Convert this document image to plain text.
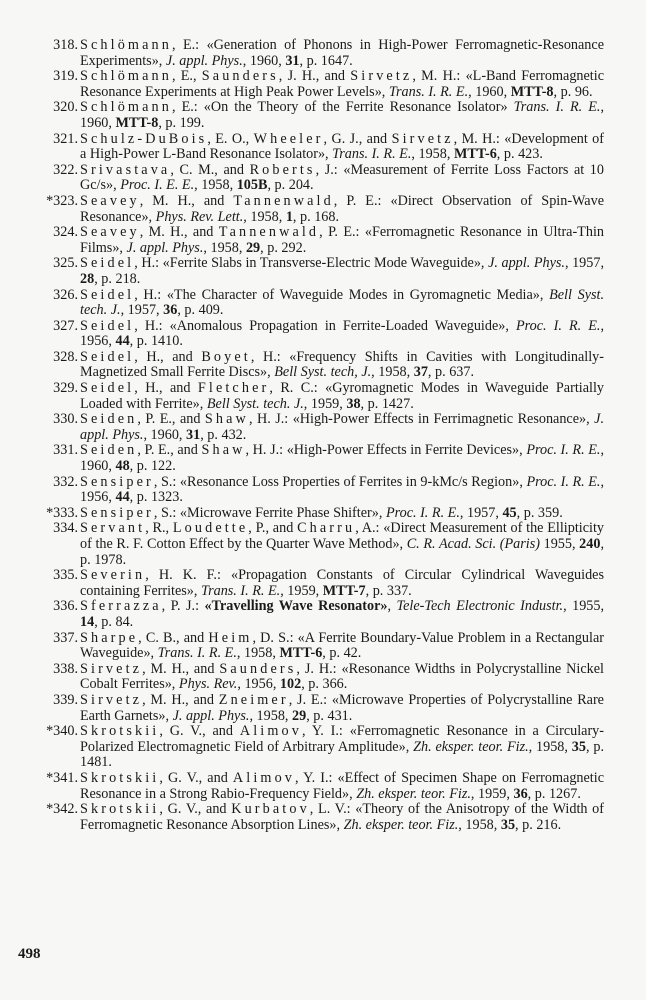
318. Schlömann, E.: «Generation of Phonons in High-Power Ferromagnetic-Resonance Experiments», J. appl. Phys., 1960, 31, p. 1647.

319. Schlömann, E., Saunders, J. H., and Sirvetz, M. H.: «L-Band Ferromagnetic Resonance Experiments at High Peak Power Levels», Trans. I. R. E., 1960, MTT-8, p. 96.

320. Schlömann, E.: «On the Theory of the Ferrite Resonance Isolator» Trans. I. R. E., 1960, MTT-8, p. 199.

321. Schulz-DuBois, E. O., Wheeler, G. J., and Sirvetz, M. H.: «Development of a High-Power L-Band Resonance Isolator», Trans. I. R. E., 1958, MTT-6, p. 423.

322. Srivastava, C. M., and Roberts, J.: «Measurement of Ferrite Loss Factors at 10 Gc/s», Proc. I. E. E., 1958, 105B, p. 204.

*323. Seavey, M. H., and Tannenwald, P. E.: «Direct Observation of Spin-Wave Resonance», Phys. Rev. Lett., 1958, 1, p. 168.

324. Seavey, M. H., and Tannenwald, P. E.: «Ferromagnetic Resonance in Ultra-Thin Films», J. appl. Phys., 1958, 29, p. 292.

325. Seidel, H.: «Ferrite Slabs in Transverse-Electric Mode Waveguide», J. appl. Phys., 1957, 28, p. 218.

326. Seidel, H.: «The Character of Waveguide Modes in Gyromagnetic Media», Bell Syst. tech. J., 1957, 36, p. 409.

327. Seidel, H.: «Anomalous Propagation in Ferrite-Loaded Waveguide», Proc. I. R. E., 1956, 44, p. 1410.

328. Seidel, H., and Boyet, H.: «Frequency Shifts in Cavities with Longitudinally-Magnetized Small Ferrite Discs», Bell Syst. tech, J., 1958, 37, p. 637.

329. Seidel, H., and Fletcher, R. C.: «Gyromagnetic Modes in Waveguide Partially Loaded with Ferrite», Bell Syst. tech. J., 1959, 38, p. 1427.

330. Seiden, P. E., and Shaw, H. J.: «High-Power Effects in Ferrimagnetic Resonance», J. appl. Phys., 1960, 31, p. 432.

331. Seiden, P. E., and Shaw, H. J.: «High-Power Effects in Ferrite Devices», Proc. I. R. E., 1960, 48, p. 122.

332. Sensiper, S.: «Resonance Loss Properties of Ferrites in 9-kMc/s Region», Proc. I. R. E., 1956, 44, p. 1323.

*333. Sensiper, S.: «Microwave Ferrite Phase Shifter», Proc. I. R. E., 1957, 45, p. 359.

334. Servant, R., Loudette, P., and Charru, A.: «Direct Measurement of the Ellipticity of the R. F. Cotton Effect by the Quarter Wave Method», C. R. Acad. Sci. (Paris) 1955, 240, p. 1978.

335. Severin, H. K. F.: «Propagation Constants of Circular Cylindrical Waveguides containing Ferrites», Trans. I. R. E., 1959, MTT-7, p. 337.

336. Sferrazza, P. J.: «Travelling Wave Resonator», Tele-Tech Electronic Industr., 1955, 14, p. 84.

337. Sharpe, C. B., and Heim, D. S.: «A Ferrite Boundary-Value Problem in a Rectangular Waveguide», Trans. I. R. E., 1958, MTT-6, p. 42.

338. Sirvetz, M. H., and Saunders, J. H.: «Resonance Widths in Polycrystalline Nickel Cobalt Ferrites», Phys. Rev., 1956, 102, p. 366.

339. Sirvetz, M. H., and Zneimer, J. E.: «Microwave Properties of Polycrystalline Rare Earth Garnets», J. appl. Phys., 1958, 29, p. 431.

*340. Skrotskii, G. V., and Alimov, Y. I.: «Ferromagnetic Resonance in a Circulary-Polarized Electromagnetic Field of Arbitrary Amplitude», Zh. eksper. teor. Fiz., 1958, 35, p. 1481.

*341. Skrotskii, G. V., and Alimov, Y. I.: «Effect of Specimen Shape on Ferromagnetic Resonance in a Strong Rabio-Frequency Field», Zh. eksper. teor. Fiz., 1959, 36, p. 1267.

*342. Skrotskii, G. V., and Kurbatov, L. V.: «Theory of the Anisotropy of the Width of Ferromagnetic Resonance Absorption Lines», Zh. eksper. teor. Fiz., 1958, 35, p. 216.

498
